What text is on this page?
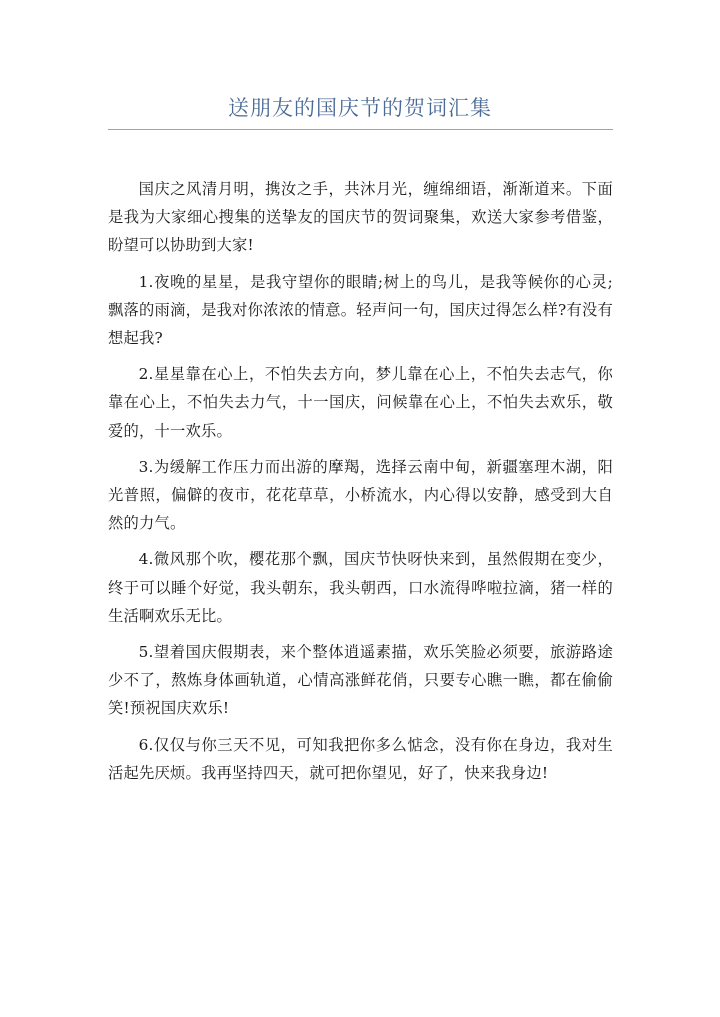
送朋友的国庆节的贺词汇集

国庆之风清月明，携汝之手，共沐月光，缠绵细语，渐渐道来。下面是我为大家细心搜集的送挚友的国庆节的贺词聚集，欢送大家参考借鉴，盼望可以协助到大家!

1.夜晚的星星，是我守望你的眼睛;树上的鸟儿，是我等候你的心灵;飘落的雨滴，是我对你浓浓的情意。轻声问一句，国庆过得怎么样?有没有想起我?

2.星星靠在心上，不怕失去方向，梦儿靠在心上，不怕失去志气，你靠在心上，不怕失去力气，十一国庆，问候靠在心上，不怕失去欢乐，敬爱的，十一欢乐。

3.为缓解工作压力而出游的摩羯，选择云南中甸，新疆塞理木湖，阳光普照，偏僻的夜市，花花草草，小桥流水，内心得以安静，感受到大自然的力气。

4.微风那个吹，樱花那个飘，国庆节快呀快来到，虽然假期在变少，终于可以睡个好觉，我头朝东，我头朝西，口水流得哗啦拉滴，猪一样的生活啊欢乐无比。

5.望着国庆假期表，来个整体逍遥素描，欢乐笑脸必须要，旅游路途少不了，熬炼身体画轨道，心情高涨鲜花俏，只要专心瞧一瞧，都在偷偷笑!预祝国庆欢乐!

6.仅仅与你三天不见，可知我把你多么惦念，没有你在身边，我对生活起先厌烦。我再坚持四天，就可把你望见，好了，快来我身边!
